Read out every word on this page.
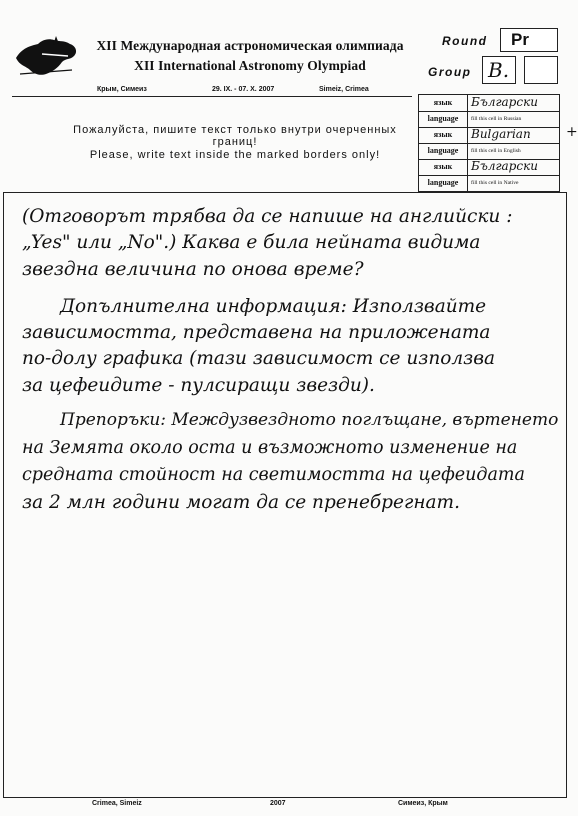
XII Международная астрономическая олимпиада
XII International Astronomy Olympiad
Крым, Симеиз	29. IX. - 07. X. 2007	Simeiz, Crimea
Пожалуйста, пишите текст только внутри очерченных границ!
Please, write text inside the marked borders only!
Round Pr
Group B.
язык	Български
language	fill this cell in Russian
язык	Bulgarian
language	fill this cell in English
язык	Български
language	fill this cell in Native
+
(Отговорът трябва да се напише на английски :
„Yes" или „No".) Каква е била нейната видима
звездна величина по онова време?
Допълнителна информация: Използвайте
зависимостта, представена на приложената
по-долу графика (тази зависимост се използва
за цефеидите - пулсиращи звезди).
Препоръки: Междузвездното поглъщане, въртенето
на Земята около оста и възможното изменение на
средната стойност на светимостта на цефеидата
за 2 млн години могат да се пренебрегнат.
Crimea, Simeiz	2007	Симеиз, Крым
